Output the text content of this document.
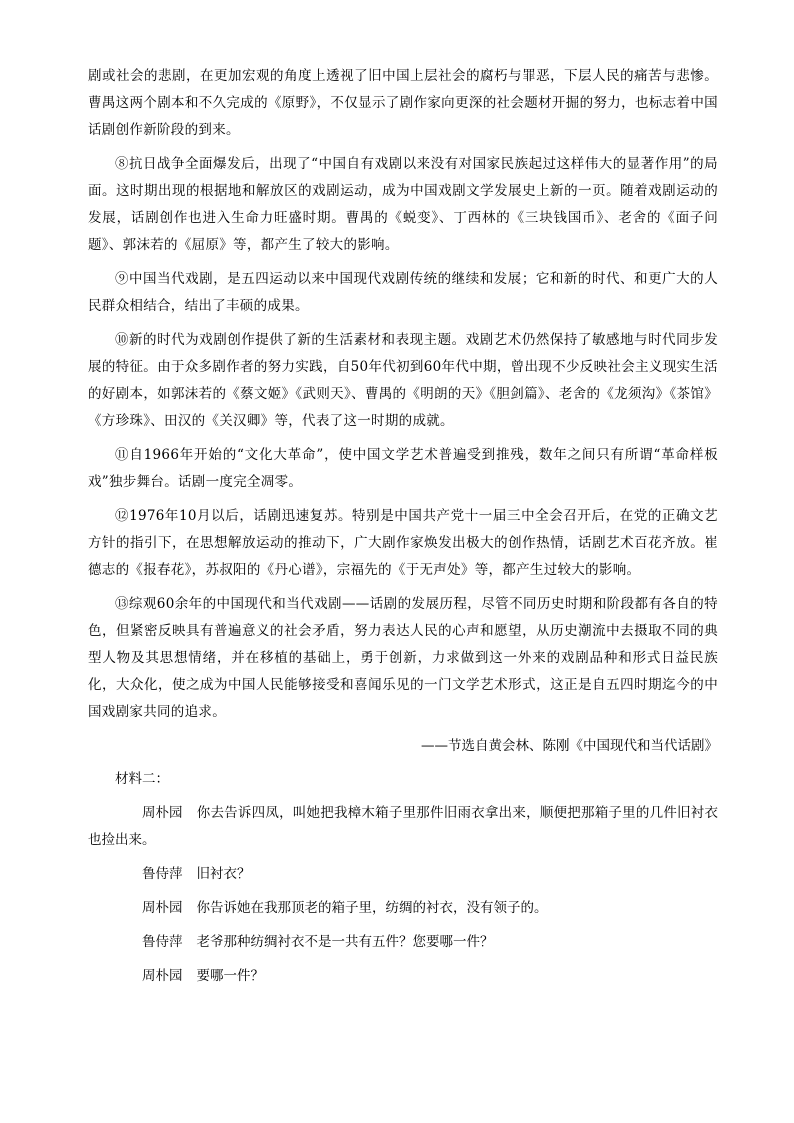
剧或社会的悲剧，在更加宏观的角度上透视了旧中国上层社会的腐朽与罪恶，下层人民的痛苦与悲惨。曹禺这两个剧本和不久完成的《原野》，不仅显示了剧作家向更深的社会题材开掘的努力，也标志着中国话剧创作新阶段的到来。

⑧抗日战争全面爆发后，出现了“中国自有戏剧以来没有对国家民族起过这样伟大的显著作用”的局面。这时期出现的根据地和解放区的戏剧运动，成为中国戏剧文学发展史上新的一页。随着戏剧运动的发展，话剧创作也进入生命力旺盛时期。曹禺的《蜕变》、丁西林的《三块钱国币》、老舍的《面子问题》、郭沫若的《屈原》等，都产生了较大的影响。

⑨中国当代戏剧，是五四运动以来中国现代戏剧传统的继续和发展；它和新的时代、和更广大的人民群众相结合，结出了丰硕的成果。

⑩新的时代为戏剧创作提供了新的生活素材和表现主题。戏剧艺术仍然保持了敏感地与时代同步发展的特征。由于众多剧作者的努力实践，自50年代初到60年代中期，曾出现不少反映社会主义现实生活的好剧本，如郭沫若的《蔡文姬》《武则天》、曹禺的《明朗的天》《胆剑篇》、老舍的《龙须沟》《茶馆》《方珍珠》、田汉的《关汉卿》等，代表了这一时期的成就。

⑪自1966年开始的“文化大革命”，使中国文学艺术普遍受到推残，数年之间只有所谓“革命样板戏”独步舞台。话剧一度完全凋零。

⑫1976年10月以后，话剧迅速复苏。特别是中国共产党十一届三中全会召开后，在党的正确文艺方针的指引下，在思想解放运动的推动下，广大剧作家焕发出极大的创作热情，话剧艺术百花齐放。崔德志的《报春花》，苏叔阳的《丹心谱》，宗福先的《于无声处》等，都产生过较大的影响。

⑬综观60余年的中国现代和当代戏剧——话剧的发展历程，尽管不同历史时期和阶段都有各自的特色，但紧密反映具有普遍意义的社会矛盾，努力表达人民的心声和愿望，从历史潮流中去摄取不同的典型人物及其思想情绪，并在移植的基础上，勇于创新，力求做到这一外来的戏剧品种和形式日益民族化，大众化，使之成为中国人民能够接受和喜闻乐见的一门文学艺术形式，这正是自五四时期迄今的中国戏剧家共同的追求。

——节选自黄会林、陈刚《中国现代和当代话剧》
材料二：
周朴园 你去告诉四凤，叫她把我樟木箱子里那件旧雨衣拿出来，顺便把那箱子里的几件旧衬衣也捡出来。
鲁侍萍 旧衬衣？
周朴园 你告诉她在我那顶老的箱子里，纺绸的衬衣，没有领子的。
鲁侍萍 老爷那种纺绸衬衣不是一共有五件？您要哪一件？
周朴园 要哪一件？
